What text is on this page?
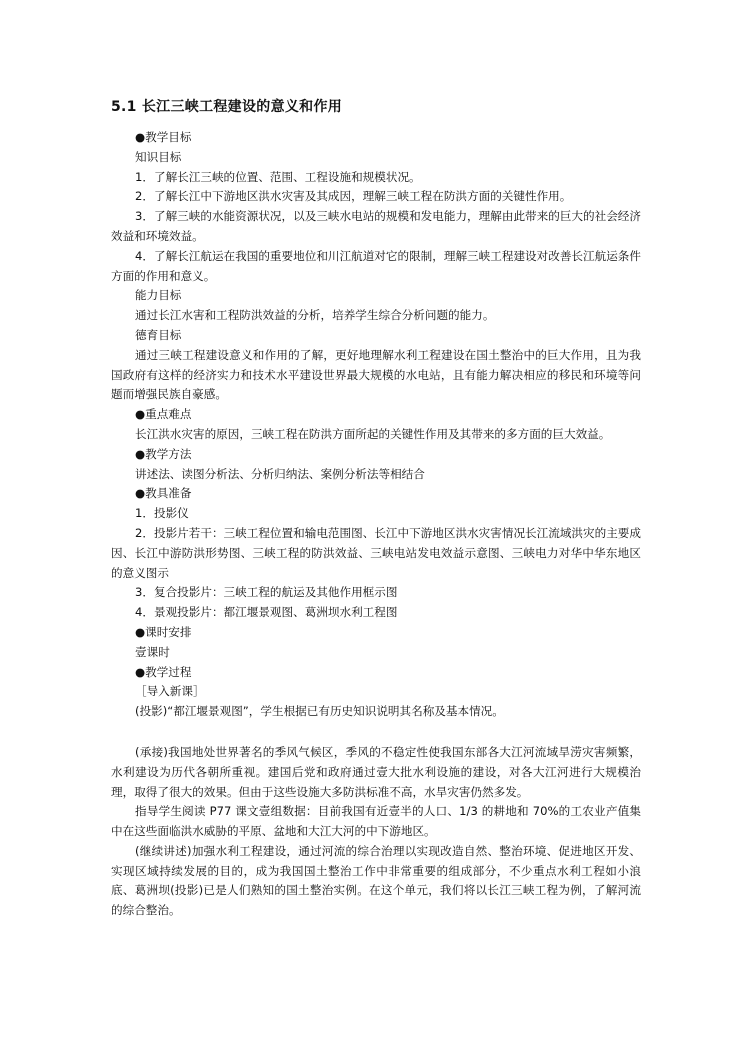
5.1 长江三峡工程建设的意义和作用

●教学目标

知识目标

1．了解长江三峡的位置、范围、工程设施和规模状况。

2．了解长江中下游地区洪水灾害及其成因，理解三峡工程在防洪方面的关键性作用。

3．了解三峡的水能资源状况，以及三峡水电站的规模和发电能力，理解由此带来的巨大的社会经济效益和环境效益。

4．了解长江航运在我国的重要地位和川江航道对它的限制，理解三峡工程建设对改善长江航运条件方面的作用和意义。

能力目标

通过长江水害和工程防洪效益的分析，培养学生综合分析问题的能力。

德育目标

通过三峡工程建设意义和作用的了解，更好地理解水利工程建设在国土整治中的巨大作用，且为我国政府有这样的经济实力和技术水平建设世界最大规模的水电站，且有能力解决相应的移民和环境等问题而增强民族自豪感。

●重点难点

长江洪水灾害的原因，三峡工程在防洪方面所起的关键性作用及其带来的多方面的巨大效益。

●教学方法

讲述法、读图分析法、分析归纳法、案例分析法等相结合

●教具准备

1．投影仪

2．投影片若干：三峡工程位置和输电范围图、长江中下游地区洪水灾害情况长江流域洪灾的主要成因、长江中游防洪形势图、三峡工程的防洪效益、三峡电站发电效益示意图、三峡电力对华中华东地区的意义图示

3．复合投影片：三峡工程的航运及其他作用框示图

4．景观投影片：都江堰景观图、葛洲坝水利工程图

●课时安排

壹课时

●教学过程

［导入新课］

(投影)“都江堰景观图”，学生根据已有历史知识说明其名称及基本情况。

(承接)我国地处世界著名的季风气候区，季风的不稳定性使我国东部各大江河流域旱涝灾害频繁，水利建设为历代各朝所重视。建国后党和政府通过壹大批水利设施的建设，对各大江河进行大规模治理，取得了很大的效果。但由于这些设施大多防洪标准不高，水旱灾害仍然多发。

指导学生阅读 P77 课文壹组数据：目前我国有近壹半的人口、1/3 的耕地和 70%的工农业产值集中在这些面临洪水威胁的平原、盆地和大江大河的中下游地区。

(继续讲述)加强水利工程建设，通过河流的综合治理以实现改造自然、整治环境、促进地区开发、实现区域持续发展的目的，成为我国国土整治工作中非常重要的组成部分，不少重点水利工程如小浪底、葛洲坝(投影)已是人们熟知的国土整治实例。在这个单元，我们将以长江三峡工程为例，了解河流的综合整治。
